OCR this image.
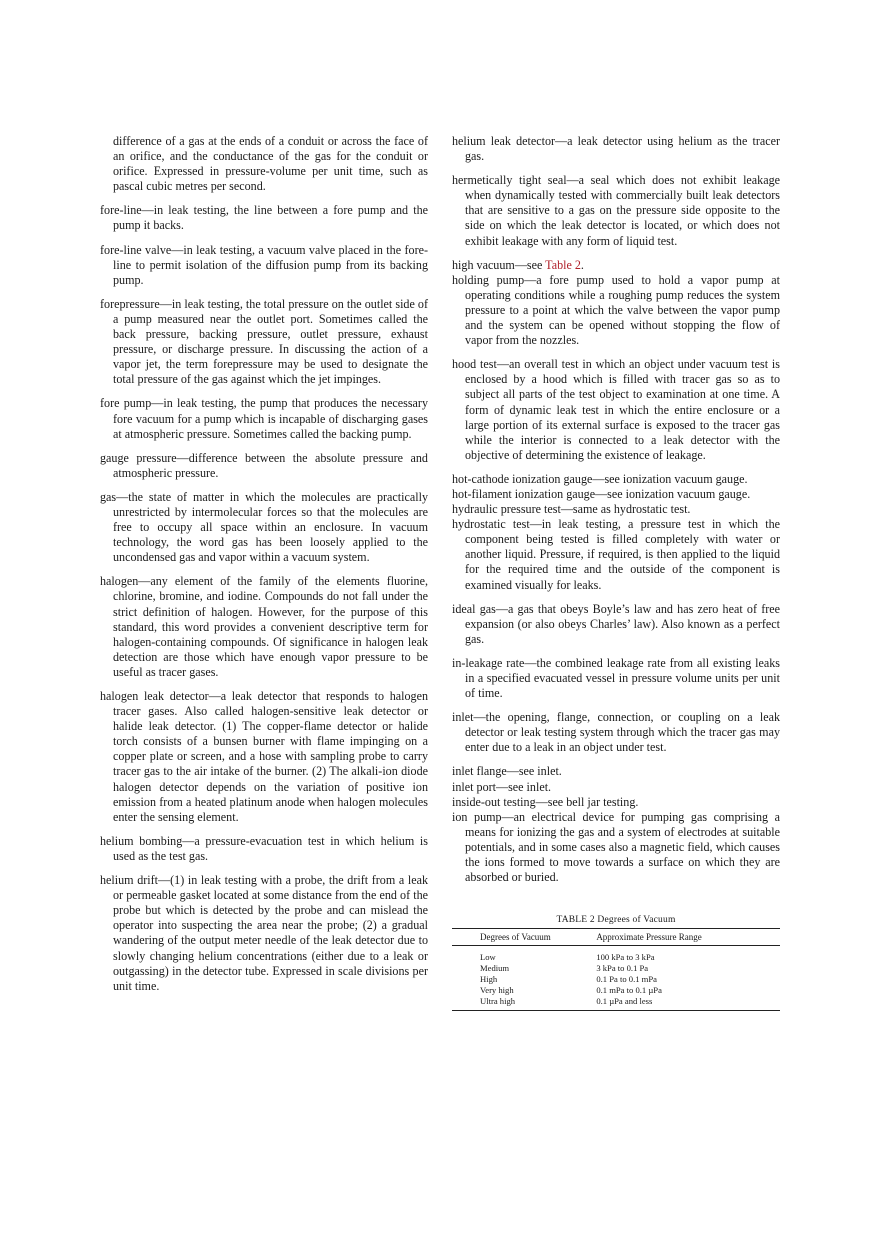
difference of a gas at the ends of a conduit or across the face of an orifice, and the conductance of the gas for the conduit or orifice. Expressed in pressure-volume per unit time, such as pascal cubic metres per second.

fore-line—in leak testing, the line between a fore pump and the pump it backs.

fore-line valve—in leak testing, a vacuum valve placed in the fore-line to permit isolation of the diffusion pump from its backing pump.

forepressure—in leak testing, the total pressure on the outlet side of a pump measured near the outlet port. Sometimes called the back pressure, backing pressure, outlet pressure, exhaust pressure, or discharge pressure. In discussing the action of a vapor jet, the term forepressure may be used to designate the total pressure of the gas against which the jet impinges.

fore pump—in leak testing, the pump that produces the necessary fore vacuum for a pump which is incapable of discharging gases at atmospheric pressure. Sometimes called the backing pump.

gauge pressure—difference between the absolute pressure and atmospheric pressure.

gas—the state of matter in which the molecules are practically unrestricted by intermolecular forces so that the molecules are free to occupy all space within an enclosure. In vacuum technology, the word gas has been loosely applied to the uncondensed gas and vapor within a vacuum system.

halogen—any element of the family of the elements fluorine, chlorine, bromine, and iodine. Compounds do not fall under the strict definition of halogen. However, for the purpose of this standard, this word provides a convenient descriptive term for halogen-containing compounds. Of significance in halogen leak detection are those which have enough vapor pressure to be useful as tracer gases.

halogen leak detector—a leak detector that responds to halogen tracer gases. Also called halogen-sensitive leak detector or halide leak detector. (1) The copper-flame detector or halide torch consists of a bunsen burner with flame impinging on a copper plate or screen, and a hose with sampling probe to carry tracer gas to the air intake of the burner. (2) The alkali-ion diode halogen detector depends on the variation of positive ion emission from a heated platinum anode when halogen molecules enter the sensing element.

helium bombing—a pressure-evacuation test in which helium is used as the test gas.

helium drift—(1) in leak testing with a probe, the drift from a leak or permeable gasket located at some distance from the end of the probe but which is detected by the probe and can mislead the operator into suspecting the area near the probe; (2) a gradual wandering of the output meter needle of the leak detector due to slowly changing helium concentrations (either due to a leak or outgassing) in the detector tube. Expressed in scale divisions per unit time.

helium leak detector—a leak detector using helium as the tracer gas.

hermetically tight seal—a seal which does not exhibit leakage when dynamically tested with commercially built leak detectors that are sensitive to a gas on the pressure side opposite to the side on which the leak detector is located, or which does not exhibit leakage with any form of liquid test.

high vacuum—see Table 2.

holding pump—a fore pump used to hold a vapor pump at operating conditions while a roughing pump reduces the system pressure to a point at which the valve between the vapor pump and the system can be opened without stopping the flow of vapor from the nozzles.

hood test—an overall test in which an object under vacuum test is enclosed by a hood which is filled with tracer gas so as to subject all parts of the test object to examination at one time. A form of dynamic leak test in which the entire enclosure or a large portion of its external surface is exposed to the tracer gas while the interior is connected to a leak detector with the objective of determining the existence of leakage.

hot-cathode ionization gauge—see ionization vacuum gauge.

hot-filament ionization gauge—see ionization vacuum gauge.

hydraulic pressure test—same as hydrostatic test.

hydrostatic test—in leak testing, a pressure test in which the component being tested is filled completely with water or another liquid. Pressure, if required, is then applied to the liquid for the required time and the outside of the component is examined visually for leaks.

ideal gas—a gas that obeys Boyle’s law and has zero heat of free expansion (or also obeys Charles’ law). Also known as a perfect gas.

in-leakage rate—the combined leakage rate from all existing leaks in a specified evacuated vessel in pressure volume units per unit of time.

inlet—the opening, flange, connection, or coupling on a leak detector or leak testing system through which the tracer gas may enter due to a leak in an object under test.

inlet flange—see inlet.

inlet port—see inlet.

inside-out testing—see bell jar testing.

ion pump—an electrical device for pumping gas comprising a means for ionizing the gas and a system of electrodes at suitable potentials, and in some cases also a magnetic field, which causes the ions formed to move towards a surface on which they are absorbed or buried.

TABLE 2 Degrees of Vacuum
Degrees of Vacuum	Approximate Pressure Range
Low	100 kPa to 3 kPa
Medium	3 kPa to 0.1 Pa
High	0.1 Pa to 0.1 mPa
Very high	0.1 mPa to 0.1 µPa
Ultra high	0.1 µPa and less
